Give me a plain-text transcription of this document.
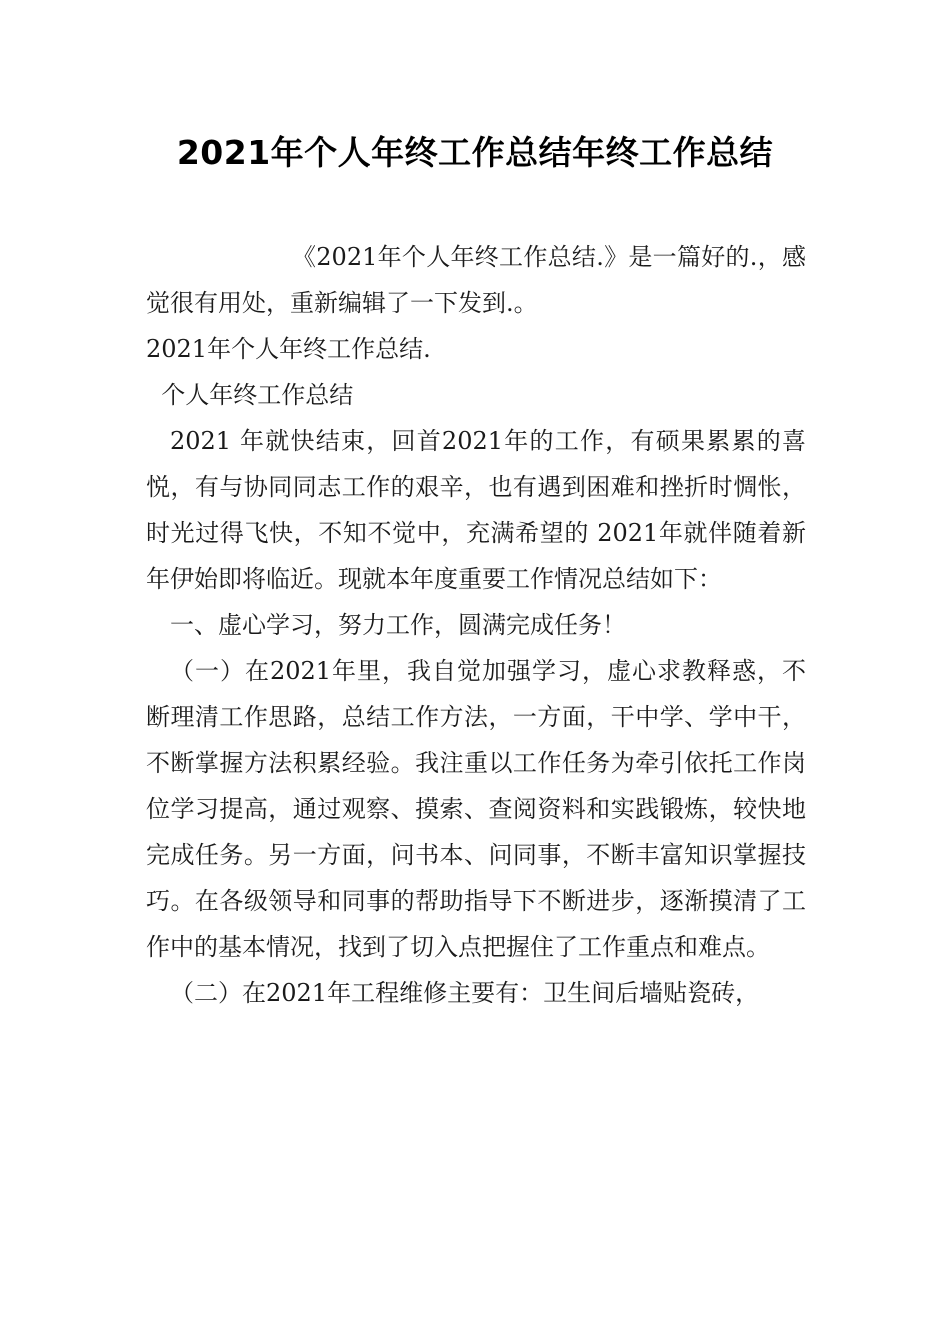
2021年个人年终工作总结年终工作总结

《2021年个人年终工作总结.》是一篇好的.，感觉很有用处，重新编辑了一下发到.。

2021年个人年终工作总结.

个人年终工作总结

2021 年就快结束，回首2021年的工作，有硕果累累的喜悦，有与协同同志工作的艰辛，也有遇到困难和挫折时惆怅，时光过得飞快，不知不觉中，充满希望的 2021年就伴随着新年伊始即将临近。现就本年度重要工作情况总结如下：

一、虚心学习，努力工作，圆满完成任务！

（一）在2021年里，我自觉加强学习，虚心求教释惑，不断理清工作思路，总结工作方法，一方面，干中学、学中干，不断掌握方法积累经验。我注重以工作任务为牵引依托工作岗位学习提高，通过观察、摸索、查阅资料和实践锻炼，较快地完成任务。另一方面，问书本、问同事，不断丰富知识掌握技巧。在各级领导和同事的帮助指导下不断进步，逐渐摸清了工作中的基本情况，找到了切入点把握住了工作重点和难点。

（二）在2021年工程维修主要有：卫生间后墙贴瓷砖，
